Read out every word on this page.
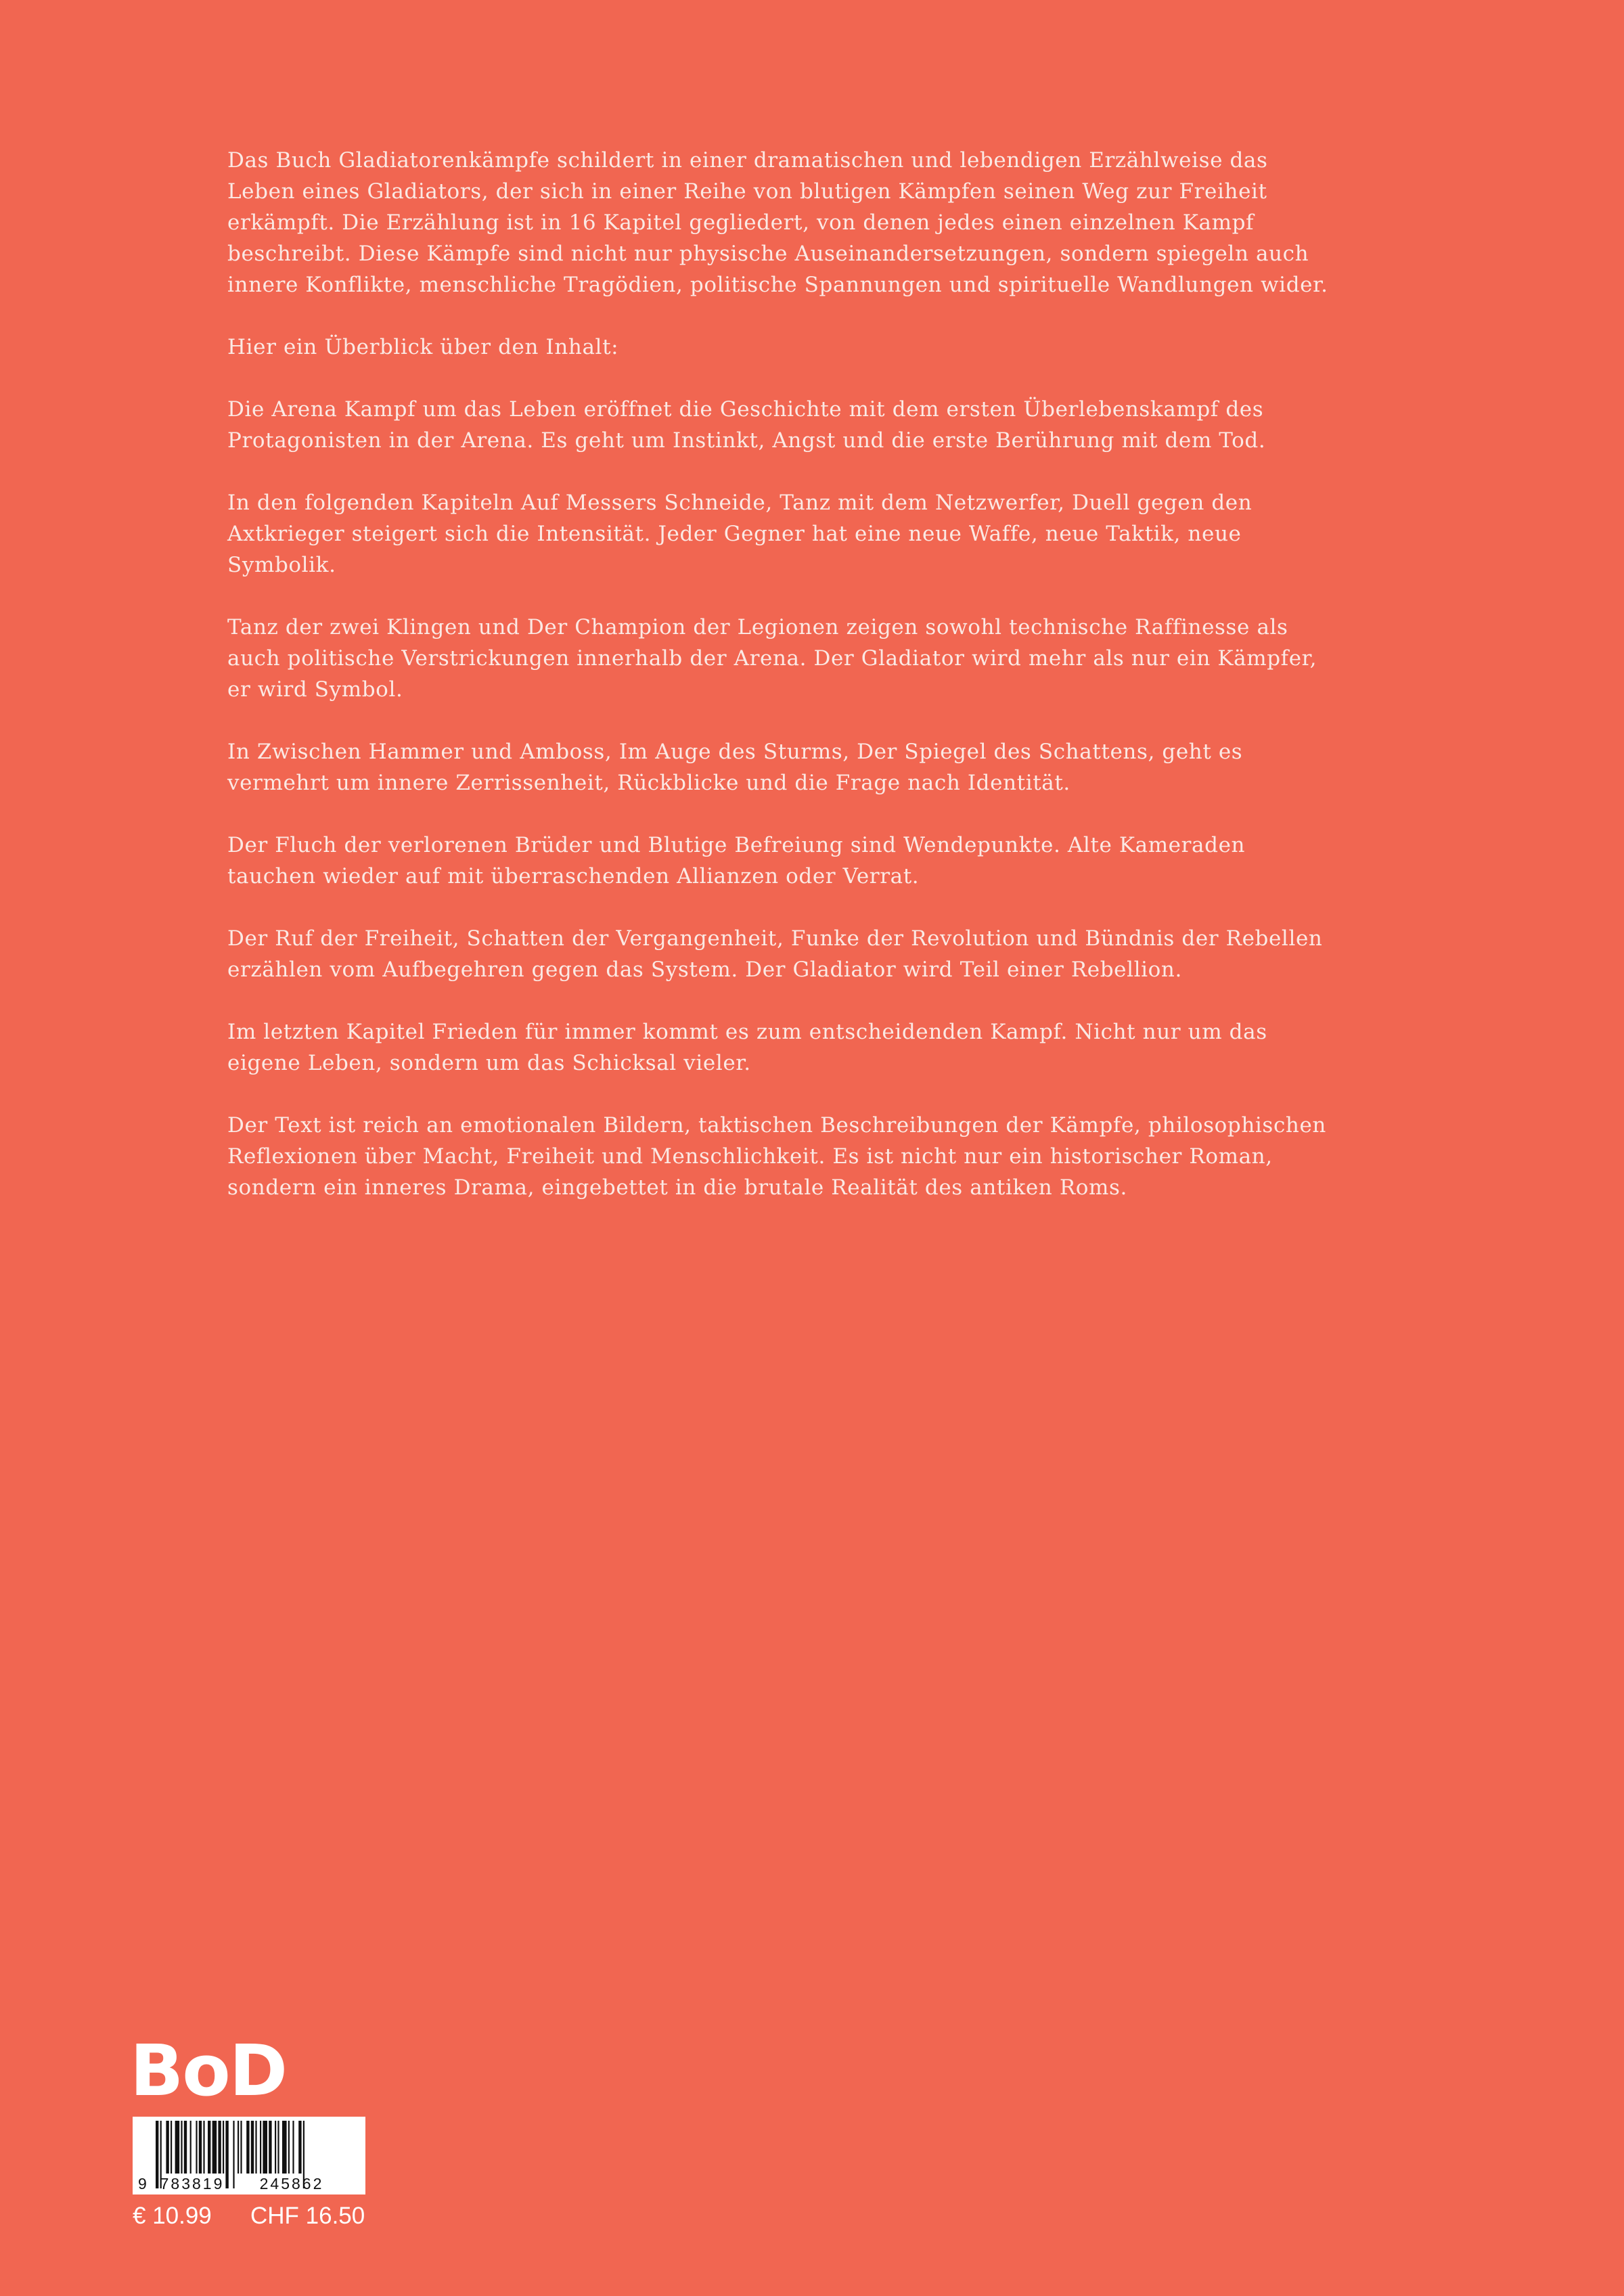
Das Buch Gladiatorenkämpfe schildert in einer dramatischen und lebendigen Erzählweise das Leben eines Gladiators, der sich in einer Reihe von blutigen Kämpfen seinen Weg zur Freiheit erkämpft. Die Erzählung ist in 16 Kapitel gegliedert, von denen jedes einen einzelnen Kampf beschreibt. Diese Kämpfe sind nicht nur physische Auseinandersetzungen, sondern spiegeln auch innere Konflikte, menschliche Tragödien, politische Spannungen und spirituelle Wandlungen wider.

Hier ein Überblick über den Inhalt:

Die Arena Kampf um das Leben eröffnet die Geschichte mit dem ersten Überlebenskampf des Protagonisten in der Arena. Es geht um Instinkt, Angst und die erste Berührung mit dem Tod.

In den folgenden Kapiteln Auf Messers Schneide, Tanz mit dem Netzwerfer, Duell gegen den Axtkrieger steigert sich die Intensität. Jeder Gegner hat eine neue Waffe, neue Taktik, neue Symbolik.

Tanz der zwei Klingen und Der Champion der Legionen zeigen sowohl technische Raffinesse als auch politische Verstrickungen innerhalb der Arena. Der Gladiator wird mehr als nur ein Kämpfer, er wird Symbol.

In Zwischen Hammer und Amboss, Im Auge des Sturms, Der Spiegel des Schattens, geht es vermehrt um innere Zerrissenheit, Rückblicke und die Frage nach Identität.

Der Fluch der verlorenen Brüder und Blutige Befreiung sind Wendepunkte. Alte Kameraden tauchen wieder auf mit überraschenden Allianzen oder Verrat.

Der Ruf der Freiheit, Schatten der Vergangenheit, Funke der Revolution und Bündnis der Rebellen erzählen vom Aufbegehren gegen das System. Der Gladiator wird Teil einer Rebellion.

Im letzten Kapitel Frieden für immer kommt es zum entscheidenden Kampf. Nicht nur um das eigene Leben, sondern um das Schicksal vieler.

Der Text ist reich an emotionalen Bildern, taktischen Beschreibungen der Kämpfe, philosophischen Reflexionen über Macht, Freiheit und Menschlichkeit. Es ist nicht nur ein historischer Roman, sondern ein inneres Drama, eingebettet in die brutale Realität des antiken Roms.

BoD
9 783819 245862
€ 10.99 CHF 16.50
